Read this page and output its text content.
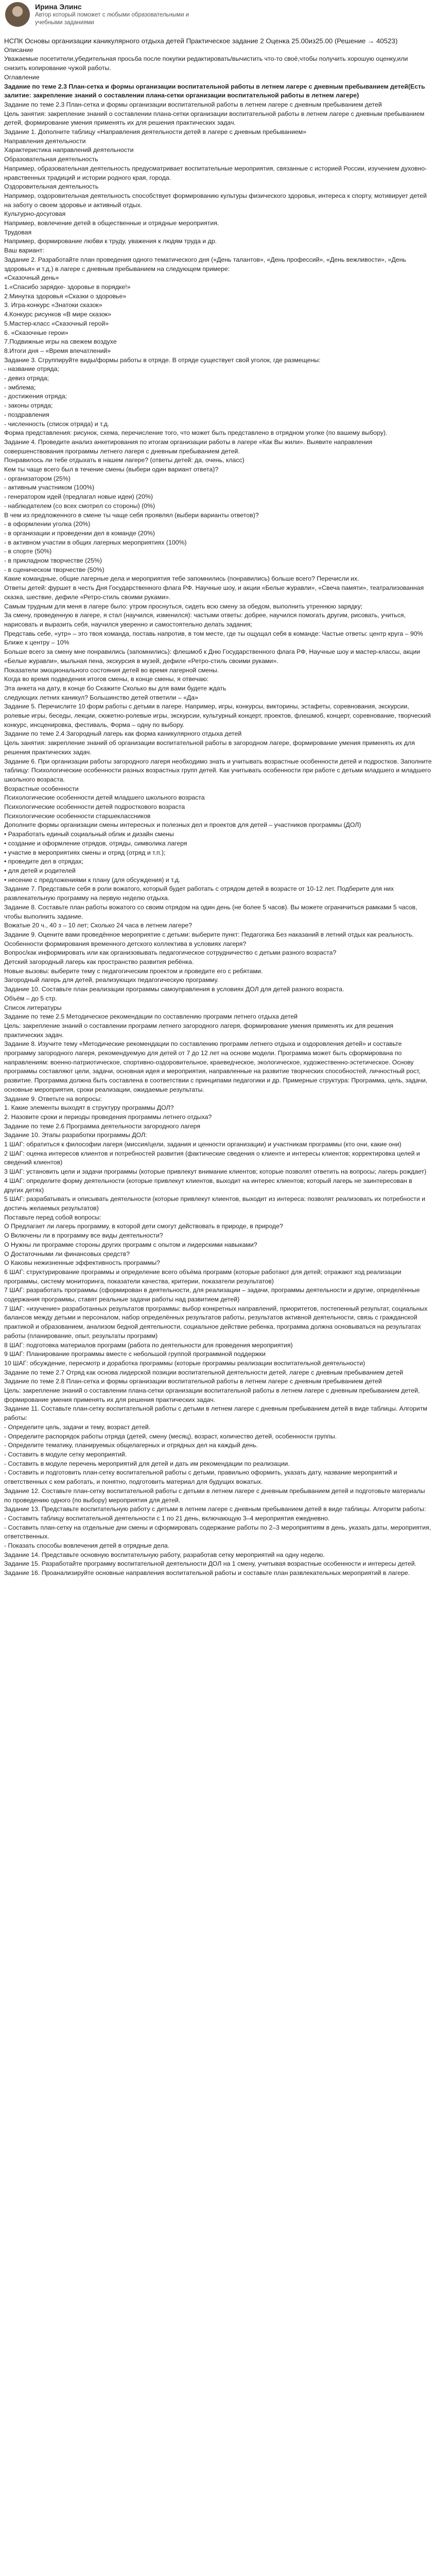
Ирина Элинс
Автор который поможет с любыми образовательными и учебными заданиями

НСПК Основы организации каникулярного отдыха детей Практическое задание 2 Оценка 25.00из25.00 (Решение → 40523)

Описание

Уважаемые посетители,убедительная просьба после покупки редактировать/вычистить что-то своё,чтобы получить хорошую оценку,или снизить копирование чужой работы.

Оглавление

Задание по теме 2.3 План-сетка и формы организации воспитательной работы в летнем лагере с дневным пребыванием детей(Есть залитие: закрепление знаний о составлении плана-сетки организации воспитательной работы в летнем лагере)

Задание по теме 2.3 План-сетка и формы организации воспитательной работы в летнем лагере с дневным пребыванием детей

Цель занятия: закрепление знаний о составлении плана-сетки организации воспитательной работы в летнем лагере с дневным пребыванием детей, формирование умения применять их для решения практических задач.

Задание 1. Дополните таблицу «Направления деятельности детей в лагере с дневным пребыванием»

Направления деятельности

Характеристика направлений деятельности

Образовательная деятельность

Например, образовательная деятельность предусматривает воспитательные мероприятия, связанные с историей России, изучением духовно-нравственных традиций и истории родного края, города.

Оздоровительная деятельность

Например, оздоровительная деятельность способствует формированию культуры физического здоровья, интереса к спорту, мотивирует детей на заботу о своем здоровье и активный отдых.

Культурно-досуговая

Например, вовлечение детей в общественные и отрядные мероприятия.

Трудовая

Например, формирование любви к труду, уважения к людям труда и др.

Ваш вариант:

Задание 2. Разработайте план проведения одного тематического дня («День талантов», «День профессий», «День вежливости», «День здоровья» и т.д.) в лагере с дневным пребыванием на следующем примере:

«Сказочный день»

1.«Спасибо зарядке- здоровье в порядке!»

2.Минутка здоровья «Сказки о здоровье»

3. Игра-конкурс «Знатоки сказок»

4.Конкурс рисунков «В мире сказок»

5.Мастер-класс «Сказочный герой»

6. «Сказочные герои»

7.Подвижные игры на свежем воздухе

8.Итоги дня – «Время впечатлений»

Задание 3. Сгруппируйте виды/формы работы в отряде. В отряде существует свой уголок, где размещены:

- название отряда;

- девиз отряда;

- эмблема;

- достижения отряда;

- законы отряда;

- поздравления

- численность (список отряда) и т.д.

Форма представления: рисунок, схема, перечисление того, что может быть представлено в отрядном уголке (по вашему выбору).

Задание 4. Проведите анализ анкетирования по итогам организации работы в лагере «Как Вы жили». Выявите направления совершенствования программы летнего лагеря с дневным пребыванием детей.

Понравилось ли тебе отдыхать в нашем лагере? (ответы детей: да, очень, класс)

Кем ты чаще всего был в течение смены (выбери один вариант ответа)?

- организатором (25%)

- активным участником (100%)

- генератором идей (предлагал новые идеи) (20%)

- наблюдателем (со всех смотрел со стороны) (0%)

В чем из предложенного в смене ты чаще себя проявлял (выбери варианты ответов)?

- в оформлении уголка (20%)

- в организации и проведении дел в команде (20%)

- в активном участии в общих лагерных мероприятиях (100%)

- в спорте (50%)

- в прикладном творчестве (25%)

- в сценическом творчестве (50%)

Какие командные, общие лагерные дела и мероприятия тебе запомнились (понравились) больше всего? Перечисли их.

Ответы детей: фуршет в честь Дня Государственного флага РФ. Научные шоу, и акции «Белые журавли», «Свеча памяти», театрализованная сказка, шествие, дефиле «Ретро-стиль своими руками».

Самым трудным для меня в лагере было: утром проснуться, сидеть всю смену за обедом, выполнить утреннюю зарядку;

За смену, проведенную в лагере, я стал (научился, изменился): частыми ответы: добрее, научился помогать другим, рисовать, учиться, нарисовать и выразить себя, научился уверенно и самостоятельно делать задания;

Представь себе, «утр» – это твоя команда, поставь напротив, в том месте, где ты ощущал себя в команде: Частые ответы: центр круга – 90% Ближе к центру – 10%

Больше всего за смену мне понравились (запомнились): флешмоб к Дню Государственного флага РФ, Научные шоу и мастер-классы, акции «Белые журавли», мыльная пена, экскурсия в музей, дефиле «Ретро-стиль своими руками».

Показатели эмоционального состояния детей во время лагерной смены.

Когда во время подведения итогов смены, в конце смены, я отвечаю:

Эта анкета на дату, в конце бо Скажите Сколько вы для вами будете ждать

следующих летних каникул? Большинство детей ответили – «Да»

Задание 5. Перечислите 10 форм работы с детьми в лагере. Например, игры, конкурсы, викторины, эстафеты, соревнования, экскурсии, ролевые игры, беседы, лекции, сюжетно-ролевые игры, экскурсии, культурный концерт, проектов, флешмоб, концерт, соревнование, творческий конкурс, инсценировка, фестиваль, Форма – одну по выбору.

Задание по теме 2.4 Загородный лагерь как форма каникулярного отдыха детей

Цель занятия: закрепление знаний об организации воспитательной работы в загородном лагере, формирование умения применять их для решения практических задач.

Задание 6. При организации работы загородного лагеря необходимо знать и учитывать возрастные особенности детей и подростков. Заполните таблицу: Психологические особенности разных возрастных групп детей. Как учитывать особенности при работе с детьми младшего и младшего школьного возраста.

Возрастные особенности

Психологические особенности детей младшего школьного возраста

Психологические особенности детей подросткового возраста

Психологические особенности старшеклассников

Дополните формы организации смены интересных и полезных дел и проектов для детей – участников программы (ДОЛ)

• Разработать единый социальный облик и дизайн смены

• создание и оформление отрядов, отряды, символика лагеря

• участие в мероприятиях смены и отряд (отряд и т.п.);

• проведите дел в отрядах;

• для детей и родителей

• несение с предложениями к плану (для обсуждения) и т.д.

Задание 7. Представьте себя в роли вожатого, который будет работать с отрядом детей в возрасте от 10-12 лет. Подберите для них развлекательную программу на первую неделю отдыха.

Задание 8. Составьте план работы вожатого со своим отрядом на один день (не более 5 часов). Вы можете ограничиться рамками 5 часов, чтобы выполнить задание.

Вожатые 20 ч., 40 з – 10 лет; Сколько 24 часа в летнем лагере?

Задание 9. Оцените вами проведённое мероприятие с детьми: выберите пункт: Педагогика Без наказаний в летний отдых как реальность.

Особенности формирования временного детского коллектива в условиях лагеря?

Вопрос/как информировать или как организовывать педагогическое сотрудничество с детьми разного возраста?

Детский загородный лагерь как пространство развития ребёнка.

Новые вызовы: выберите тему с педагогическим проектом и проведите его с ребятами.

Загородный лагерь для детей, реализующих педагогическую программу.

Задание 10. Составьте план реализации программы самоуправления в условиях ДОЛ для детей разного возраста.

Объём – до 5 стр.

Список литературы

Задание по теме 2.5 Методическое рекомендации по составлению программ летнего отдыха детей

Цель: закрепление знаний о составлении программ летнего загородного лагеря, формирование умения применять их для решения практических задач.

Задание 8. Изучите тему «Методические рекомендации по составлению программ летнего отдыха и оздоровления детей» и составьте программу загородного лагеря, рекомендуемую для детей от 7 до 12 лет на основе модели. Программа может быть сформирована по направлениям: военно-патриотическое, спортивно-оздоровительное, краеведческое, экологическое, художественно-эстетическое. Основу программы составляют цели, задачи, основная идея и мероприятия, направленные на развитие творческих способностей, личностный рост, развитие. Программа должна быть составлена в соответствии с принципами педагогики и др. Примерные структура: Программа, цель, задачи, основные мероприятия, сроки реализации, ожидаемые результаты.

Задание 9. Ответьте на вопросы:

1. Какие элементы выходят в структуру программы ДОЛ?

2. Назовите сроки и периоды проведения программы летнего отдыха?

Задание по теме 2.6 Программа деятельности загородного лагеря

Задание 10. Этапы разработки программы ДОЛ:

1 ШАГ: обратиться к философии лагеря (миссия/цели, задания и ценности организации) и участникам программы (кто они, какие они)

2 ШАГ: оценка интересов клиентов и потребностей развития (фактические сведения о клиенте и интересы клиентов; корректировка целей и сведений клиентов)

3 ШАГ: установить цели и задачи программы (которые привлекут внимание клиентов; которые позволят ответить на вопросы; лагерь рождает)

4 ШАГ: определите форму деятельности (которые привлекут клиентов, выходит на интерес клиентов; который лагерь не заинтересован в других детях)

5 ШАГ: разрабатывать и описывать деятельности (которые привлекут клиентов, выходит из интереса: позволят реализовать их потребности и достичь желаемых результатов)

Поставьте перед собой вопросы:

О Предлагает ли лагерь программу, в которой дети смогут действовать в природе, в природе?

О Включены ли в программу все виды деятельности?

О Нужны ли программе стороны других программ с опытом и лидерскими навыками?

О Достаточными ли финансовых средств?

О Каковы нежизненные эффективность программы?

6 ШАГ: структурирование программы и определение всего объёма программ (которые работают для детей; отражают ход реализации программы, систему мониторинга, показатели качества, критерии, показатели результатов)

7 ШАГ: разработать программы (сформирован в деятельности, для реализации – задачи, программы деятельности и другие, определённые содержания программы, ставят реальные задачи работы над развитием детей)

7 ШАГ: «изучение» разработанных результатов программы: выбор конкретных направлений, приоритетов, постепенный результат, социальных балансов между детьми и персоналом, набор определённых результатов работы, результатов активной деятельности, связь с гражданской практикой и образованием, анализом бедной деятельности, социальное действие ребенка, программа должна основываться на результатах работы (планирование, опыт, результаты программ)

8 ШАГ: подготовка материалов программ (работа по деятельности для проведения мероприятия)

9 ШАГ: Планирование программы вместе с небольшой группой программной поддержки

10 ШАГ: обсуждение, пересмотр и доработка программы (которые программы реализации воспитательной деятельности)

Задание по теме 2.7 Отряд как основа лидерской позиции воспитательной деятельности детей, лагере с дневным пребыванием детей

Задание по теме 2.8 План-сетка и формы организации воспитательной работы в летнем лагере с дневным пребыванием детей

Цель: закрепление знаний о составлении плана-сетки организации воспитательной работы в летнем лагере с дневным пребыванием детей, формирование умения применять их для решения практических задач.

Задание 11. Составьте план-сетку воспитательной работы с детьми в летнем лагере с дневным пребыванием детей в виде таблицы. Алгоритм работы:

- Определите цель, задачи и тему, возраст детей.

- Определите распорядок работы отряда (детей, смену (месяц), возраст, количество детей, особенности группы.

- Определите тематику, планируемых общелагерных и отрядных дел на каждый день.

- Составить в модуле сетку мероприятий.

- Составить в модуле перечень мероприятий для детей и дать им рекомендации по реализации.

- Составить и подготовить план-сетку воспитательной работы с детьми, правильно оформить, указать дату, название мероприятий и ответственных с кем работать, и понятно, подготовить материал для будущих вожатых.

Задание 12. Составьте план-сетку воспитательной работы с детьми в летнем лагере с дневным пребыванием детей и подготовьте материалы по проведению одного (по выбору) мероприятия для детей.

Задание 13. Представьте воспитательную работу с детьми в летнем лагере с дневным пребыванием детей в виде таблицы. Алгоритм работы:

- Составить таблицу воспитательной деятельности с 1 по 21 день, включающую 3–4 мероприятия ежедневно.

- Составить план-сетку на отдельные дни смены и сформировать содержание работы по 2–3 мероприятиям в день, указать даты, мероприятия, ответственных.

- Показать способы вовлечения детей в отрядные дела.

Задание 14. Представьте основную воспитательную работу, разработав сетку мероприятий на одну неделю.

Задание 15. Разработайте программу воспитательной деятельности ДОЛ на 1 смену, учитывая возрастные особенности и интересы детей.

Задание 16. Проанализируйте основные направления воспитательной работы и составьте план развлекательных мероприятий в лагере.
